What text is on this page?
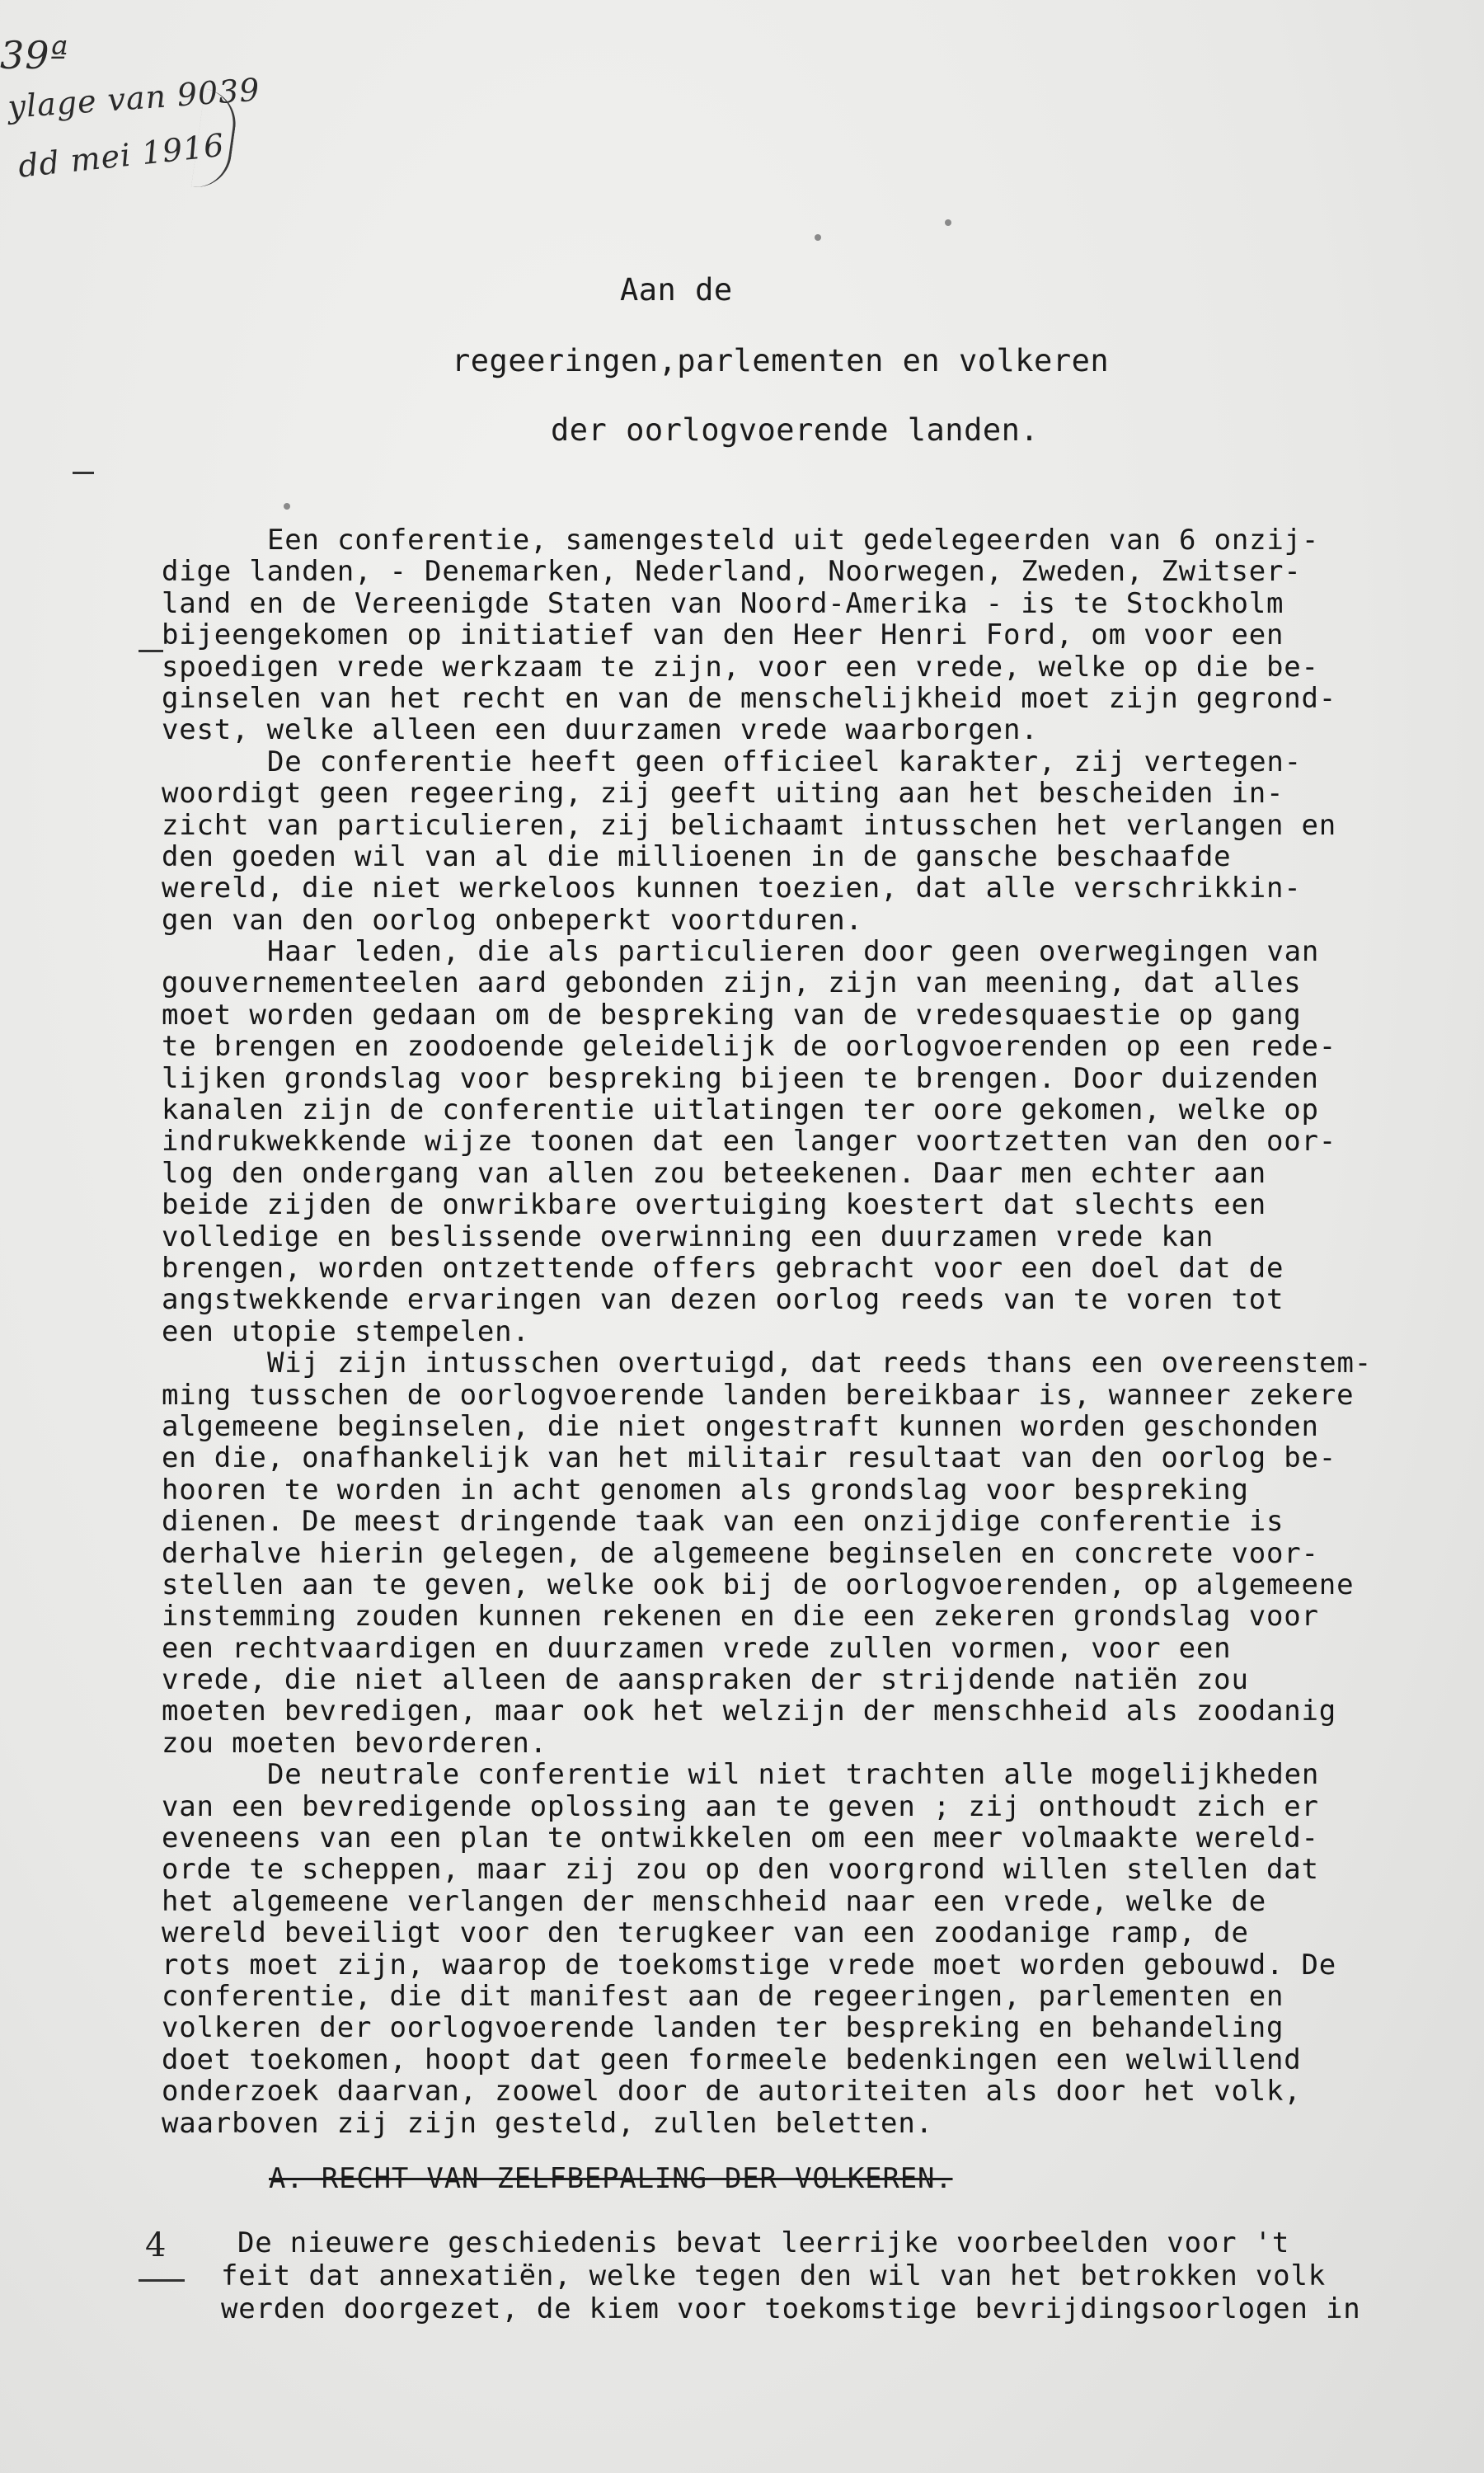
39ª
ylage van 9039
dd mei 1916
Aan de
regeeringen,parlementen en volkeren
der oorlogvoerende landen.
Een conferentie, samengesteld uit gedelegeerden van 6 onzij-
dige landen, - Denemarken, Nederland, Noorwegen, Zweden, Zwitser-
land en de Vereenigde Staten van Noord-Amerika - is te Stockholm
bijeengekomen op initiatief van den Heer Henri Ford, om voor een
spoedigen vrede werkzaam te zijn, voor een vrede, welke op die be-
ginselen van het recht en van de menschelijkheid moet zijn gegrond-
vest, welke alleen een duurzamen vrede waarborgen.
De conferentie heeft geen officieel karakter, zij vertegen-
woordigt geen regeering, zij geeft uiting aan het bescheiden in-
zicht van particulieren, zij belichaamt intusschen het verlangen en
den goeden wil van al die millioenen in de gansche beschaafde
wereld, die niet werkeloos kunnen toezien, dat alle verschrikkin-
gen van den oorlog onbeperkt voortduren.
Haar leden, die als particulieren door geen overwegingen van
gouvernementeelen aard gebonden zijn, zijn van meening, dat alles
moet worden gedaan om de bespreking van de vredesquaestie op gang
te brengen en zoodoende geleidelijk de oorlogvoerenden op een rede-
lijken grondslag voor bespreking bijeen te brengen. Door duizenden
kanalen zijn de conferentie uitlatingen ter oore gekomen, welke op
indrukwekkende wijze toonen dat een langer voortzetten van den oor-
log den ondergang van allen zou beteekenen. Daar men echter aan
beide zijden de onwrikbare overtuiging koestert dat slechts een
volledige en beslissende overwinning een duurzamen vrede kan
brengen, worden ontzettende offers gebracht voor een doel dat de
angstwekkende ervaringen van dezen oorlog reeds van te voren tot
een utopie stempelen.
Wij zijn intusschen overtuigd, dat reeds thans een overeenstem-
ming tusschen de oorlogvoerende landen bereikbaar is, wanneer zekere
algemeene beginselen, die niet ongestraft kunnen worden geschonden
en die, onafhankelijk van het militair resultaat van den oorlog be-
hooren te worden in acht genomen als grondslag voor bespreking
dienen. De meest dringende taak van een onzijdige conferentie is
derhalve hierin gelegen, de algemeene beginselen en concrete voor-
stellen aan te geven, welke ook bij de oorlogvoerenden, op algemeene
instemming zouden kunnen rekenen en die een zekeren grondslag voor
een rechtvaardigen en duurzamen vrede zullen vormen, voor een
vrede, die niet alleen de aanspraken der strijdende natiën zou
moeten bevredigen, maar ook het welzijn der menschheid als zoodanig
zou moeten bevorderen.
De neutrale conferentie wil niet trachten alle mogelijkheden
van een bevredigende oplossing aan te geven ; zij onthoudt zich er
eveneens van een plan te ontwikkelen om een meer volmaakte wereld-
orde te scheppen, maar zij zou op den voorgrond willen stellen dat
het algemeene verlangen der menschheid naar een vrede, welke de
wereld beveiligt voor den terugkeer van een zoodanige ramp, de
rots moet zijn, waarop de toekomstige vrede moet worden gebouwd. De
conferentie, die dit manifest aan de regeeringen, parlementen en
volkeren der oorlogvoerende landen ter bespreking en behandeling
doet toekomen, hoopt dat geen formeele bedenkingen een welwillend
onderzoek daarvan, zoowel door de autoriteiten als door het volk,
waarboven zij zijn gesteld, zullen beletten.
A. RECHT VAN ZELFBEPALING DER VOLKEREN.
4	De nieuwere geschiedenis bevat leerrijke voorbeelden voor 't
feit dat annexatiën, welke tegen den wil van het betrokken volk
werden doorgezet, de kiem voor toekomstige bevrijdingsoorlogen in
